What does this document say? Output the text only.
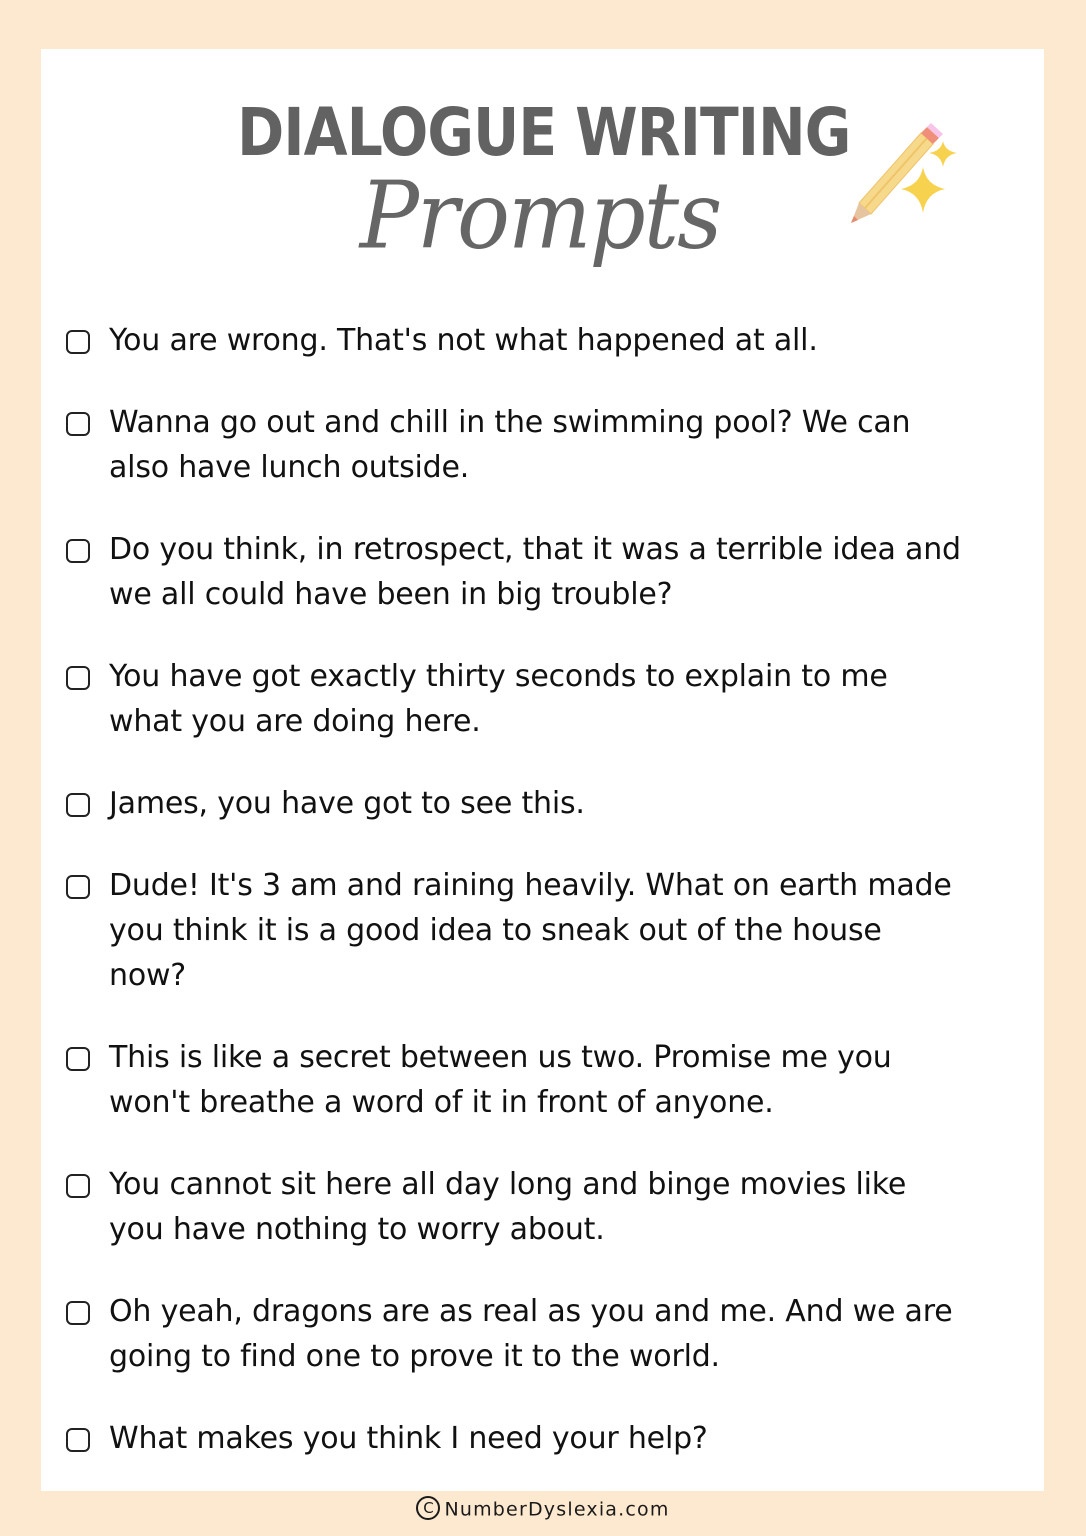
DIALOGUE WRITING
Prompts
You are wrong. That's not what happened at all.
Wanna go out and chill in the swimming pool? We can also have lunch outside.
Do you think, in retrospect, that it was a terrible idea and we all could have been in big trouble?
You have got exactly thirty seconds to explain to me what you are doing here.
James, you have got to see this.
Dude! It's 3 am and raining heavily. What on earth made you think it is a good idea to sneak out of the house now?
This is like a secret between us two. Promise me you won't breathe a word of it in front of anyone.
You cannot sit here all day long and binge movies like you have nothing to worry about.
Oh yeah, dragons are as real as you and me. And we are going to find one to prove it to the world.
What makes you think I need your help?
C NumberDyslexia.com
